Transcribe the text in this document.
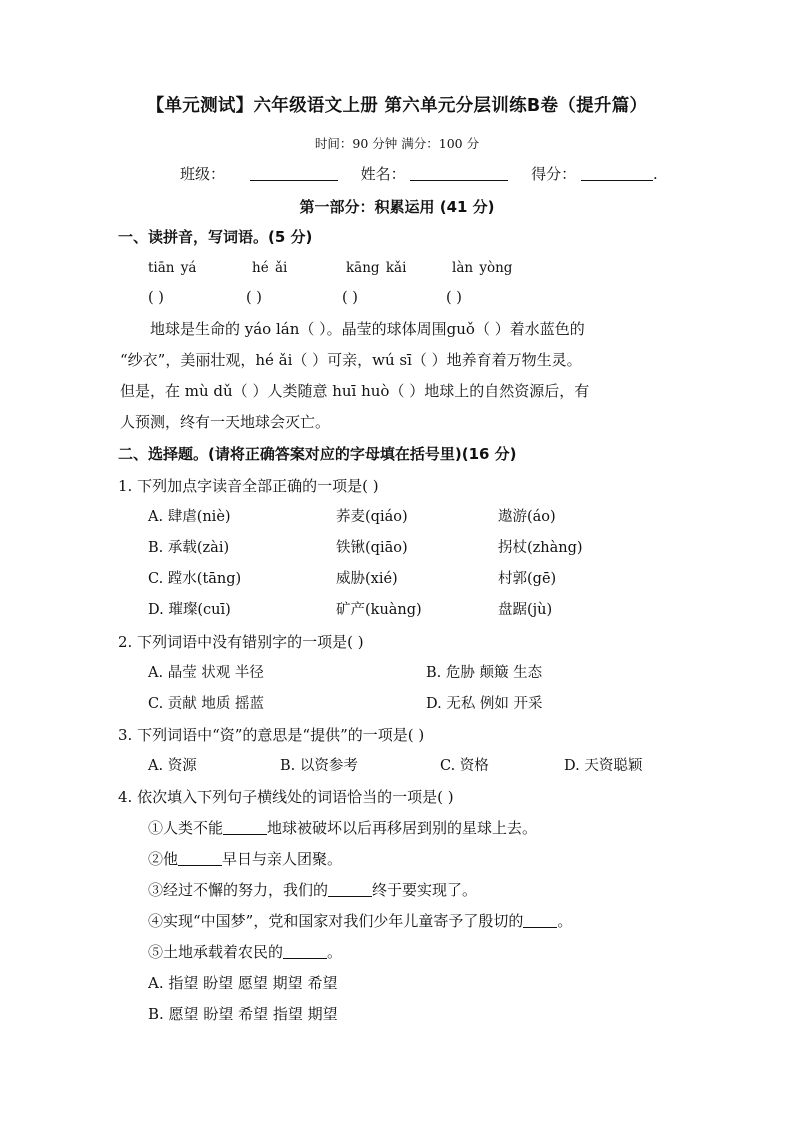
【单元测试】六年级语文上册 第六单元分层训练B卷（提升篇）
时间：90 分钟 满分：100 分
班级：	姓名：	得分：	.
第一部分：积累运用 (41 分)
一、读拼音，写词语。(5 分)
tiān yá	hé ǎi	kāng kǎi	làn yòng
( )	( )	( )	( )
地球是生命的 yáo lán（ ）。晶莹的球体周围guǒ（ ）着水蓝色的
“纱衣”，美丽壮观，hé ǎi（ ）可亲，wú sī（ ）地养育着万物生灵。
但是，在 mù dǔ（ ）人类随意 huī huò（ ）地球上的自然资源后，有
人预测，终有一天地球会灭亡。
二、选择题。(请将正确答案对应的字母填在括号里)(16 分)
1. 下列加点字读音全部正确的一项是( )
A. 肆虐(niè)	荞麦(qiáo)	遨游(áo)
B. 承载(zài)	铁锹(qiāo)	拐杖(zhàng)
C. 蹚水(tāng)	威胁(xié)	村郭(gē)
D. 璀璨(cuī)	矿产(kuàng)	盘踞(jù)
2. 下列词语中没有错别字的一项是( )
A. 晶莹 状观 半径	B. 危胁 颠簸 生态
C. 贡献 地质 摇蓝	D. 无私 例如 开采
3. 下列词语中“资”的意思是“提供”的一项是( )
A. 资源	B. 以资参考	C. 资格	D. 天资聪颖
4. 依次填入下列句子横线处的词语恰当的一项是( )
①人类不能	地球被破坏以后再移居到别的星球上去。
②他	早日与亲人团聚。
③经过不懈的努力，我们的	终于要实现了。
④实现“中国梦”，党和国家对我们少年儿童寄予了殷切的 。
⑤土地承载着农民的	。
A. 指望 盼望 愿望 期望 希望
B. 愿望 盼望 希望 指望 期望
